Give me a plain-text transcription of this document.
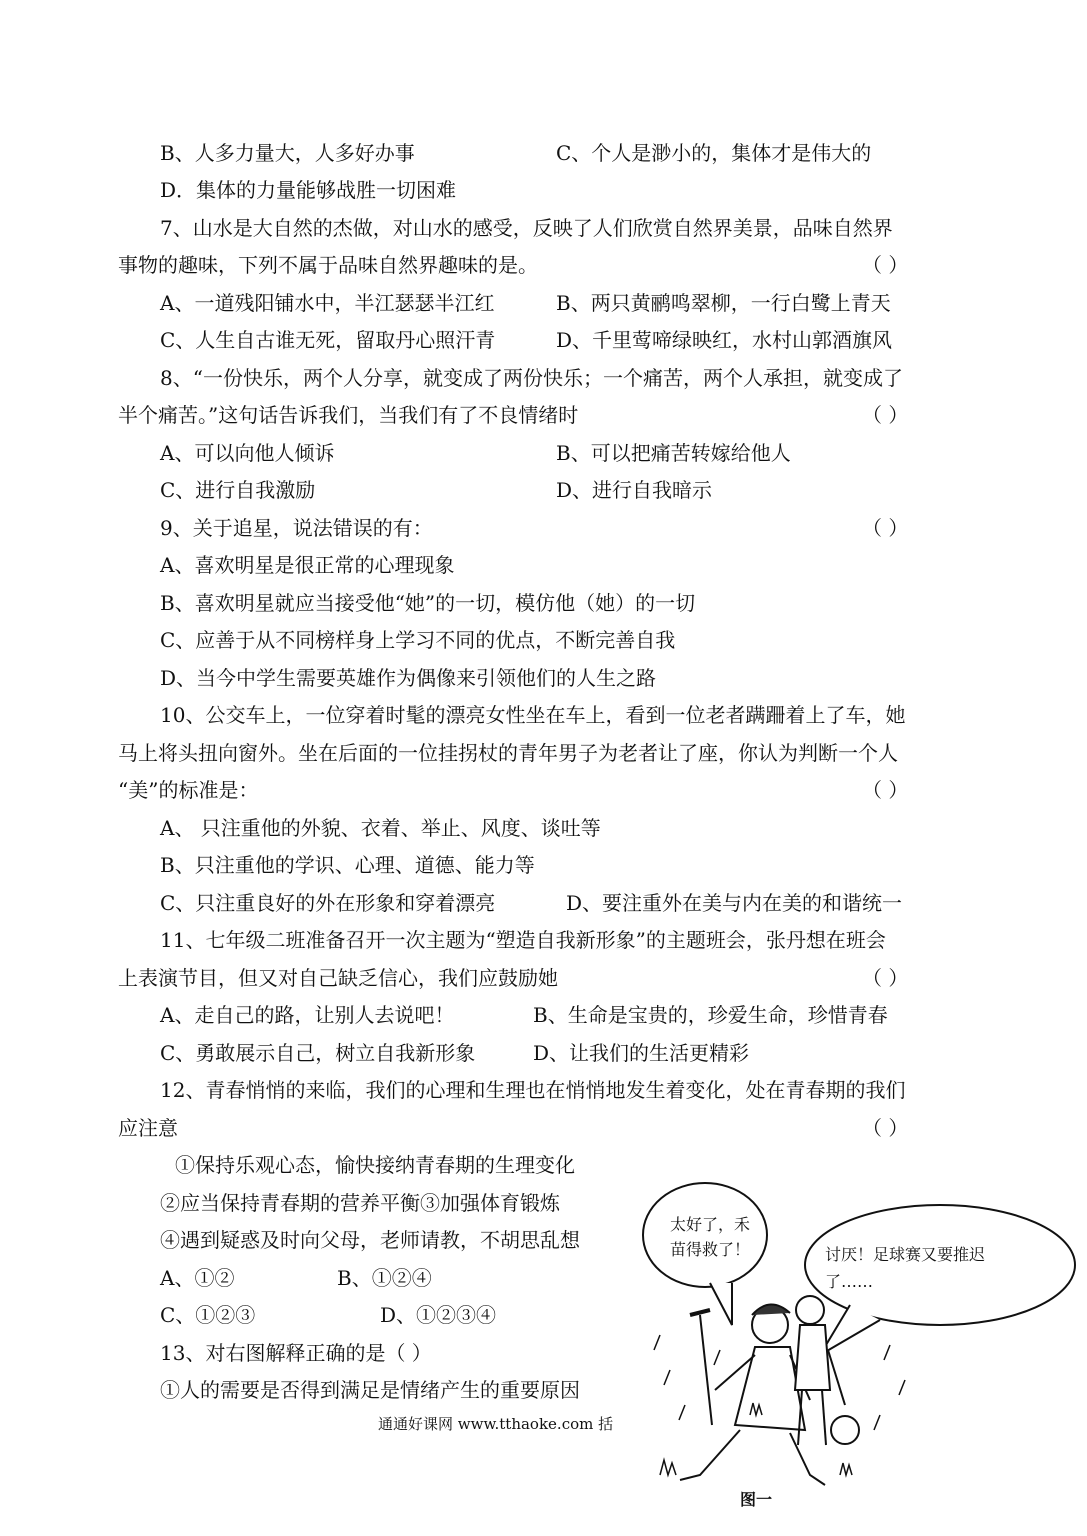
B、人多力量大，人多好办事	C、个人是渺小的，集体才是伟大的
D．集体的力量能够战胜一切困难
7、山水是大自然的杰做，对山水的感受，反映了人们欣赏自然界美景，品味自然界
事物的趣味，下列不属于品味自然界趣味的是。	（ ）
A、一道残阳铺水中，半江瑟瑟半江红	B、两只黄鹂鸣翠柳，一行白鹭上青天
C、人生自古谁无死，留取丹心照汗青	D、千里莺啼绿映红，水村山郭酒旗风
8、“一份快乐，两个人分享，就变成了两份快乐；一个痛苦，两个人承担，就变成了
半个痛苦。”这句话告诉我们，当我们有了不良情绪时	（ ）
A、可以向他人倾诉	B、可以把痛苦转嫁给他人
C、进行自我激励	D、进行自我暗示
9、关于追星，说法错误的有：	（ ）
A、喜欢明星是很正常的心理现象
B、喜欢明星就应当接受他“她”的一切，模仿他（她）的一切
C、应善于从不同榜样身上学习不同的优点，不断完善自我
D、当今中学生需要英雄作为偶像来引领他们的人生之路
10、公交车上，一位穿着时髦的漂亮女性坐在车上，看到一位老者蹒跚着上了车，她
马上将头扭向窗外。坐在后面的一位挂拐杖的青年男子为老者让了座，你认为判断一个人
“美”的标准是：	（ ）
A、 只注重他的外貌、衣着、举止、风度、谈吐等
B、只注重他的学识、心理、道德、能力等
C、只注重良好的外在形象和穿着漂亮	D、要注重外在美与内在美的和谐统一
11、七年级二班准备召开一次主题为“塑造自我新形象”的主题班会，张丹想在班会
上表演节目，但又对自己缺乏信心，我们应鼓励她	（ ）
A、走自己的路，让别人去说吧！	B、生命是宝贵的，珍爱生命，珍惜青春
C、勇敢展示自己，树立自我新形象	D、让我们的生活更精彩
12、青春悄悄的来临，我们的心理和生理也在悄悄地发生着变化，处在青春期的我们
应注意	（ ）
①保持乐观心态，愉快接纳青春期的生理变化
②应当保持青春期的营养平衡③加强体育锻炼
④遇到疑惑及时向父母，老师请教，不胡思乱想
A、①②	B、①②④
C、①②③	D、①②③④
13、对右图解释正确的是（ ）
①人的需要是否得到满足是情绪产生的重要原因
通通好课网 www.tthaoke.com 括
太好了，禾
苗得救了！	讨厌！足球赛又要推迟
了……
图一
